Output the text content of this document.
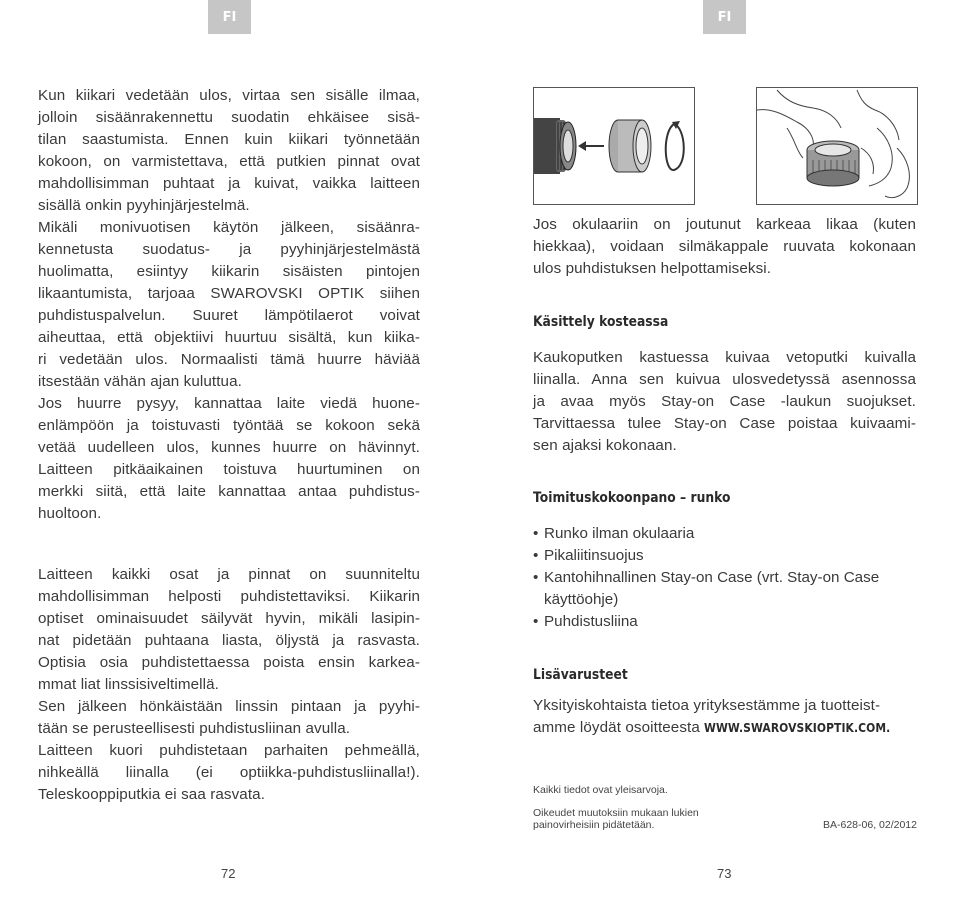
FI

Kun kiikari vedetään ulos, virtaa sen sisälle ilmaa,
jolloin sisäänrakennettu suodatin ehkäisee sisä-
tilan saastumista. Ennen kuin kiikari työnnetään
kokoon, on varmistettava, että putkien pinnat ovat
mahdollisimman puhtaat ja kuivat, vaikka laitteen
sisällä onkin pyyhinjärjestelmä.

Mikäli monivuotisen käytön jälkeen, sisäänra-
kennetusta suodatus- ja pyyhinjärjestelmästä
huolimatta, esiintyy kiikarin sisäisten pintojen
likaantumista, tarjoaa SWAROVSKI OPTIK siihen
puhdistuspalvelun. Suuret lämpötilaerot voivat
aiheuttaa, että objektiivi huurtuu sisältä, kun kiika-
ri vedetään ulos. Normaalisti tämä huurre häviää
itsestään vähän ajan kuluttua.

Jos huurre pysyy, kannattaa laite viedä huone-
enlämpöön ja toistuvasti työntää se kokoon sekä
vetää uudelleen ulos, kunnes huurre on hävinnyt.
Laitteen pitkäaikainen toistuva huurtuminen on
merkki siitä, että laite kannattaa antaa puhdistus-
huoltoon.

Laitteen kaikki osat ja pinnat on suunniteltu
mahdollisimman helposti puhdistettaviksi. Kiikarin
optiset ominaisuudet säilyvät hyvin, mikäli lasipin-
nat pidetään puhtaana liasta, öljystä ja rasvasta.
Optisia osia puhdistettaessa poista ensin karkea-
mmat liat linssisiveltimellä.

Sen jälkeen hönkäistään linssin pintaan ja pyyhi-
tään se perusteellisesti puhdistusliinan avulla.

Laitteen kuori puhdistetaan parhaiten pehmeällä,
nihkeällä liinalla (ei optiikka-puhdistusliinalla!).
Teleskooppiputkia ei saa rasvata.

72
FI

Jos okulaariin on joutunut karkeaa likaa (kuten
hiekkaa), voidaan silmäkappale ruuvata kokonaan
ulos puhdistuksen helpottamiseksi.

Käsittely kosteassa

Kaukoputken kastuessa kuivaa vetoputki kuivalla
liinalla. Anna sen kuivua ulosvedetyssä asennossa
ja avaa myös Stay-on Case -laukun suojukset.
Tarvittaessa tulee Stay-on Case poistaa kuivaami-
sen ajaksi kokonaan.

Toimituskokoonpano – runko
• Runko ilman okulaaria
• Pikaliitinsuojus
• Kantohihnallinen Stay-on Case (vrt. Stay-on Case
käyttöohje)
• Puhdistusliina
Lisävarusteet

Yksityiskohtaista tietoa yrityksestämme ja tuotteist-
amme löydät osoitteesta WWW.SWAROVSKIOPTIK.COM.

Kaikki tiedot ovat yleisarvoja.
Oikeudet muutoksiin mukaan lukien
painovirheisiin pidätetään.	BA-628-06, 02/2012
73
